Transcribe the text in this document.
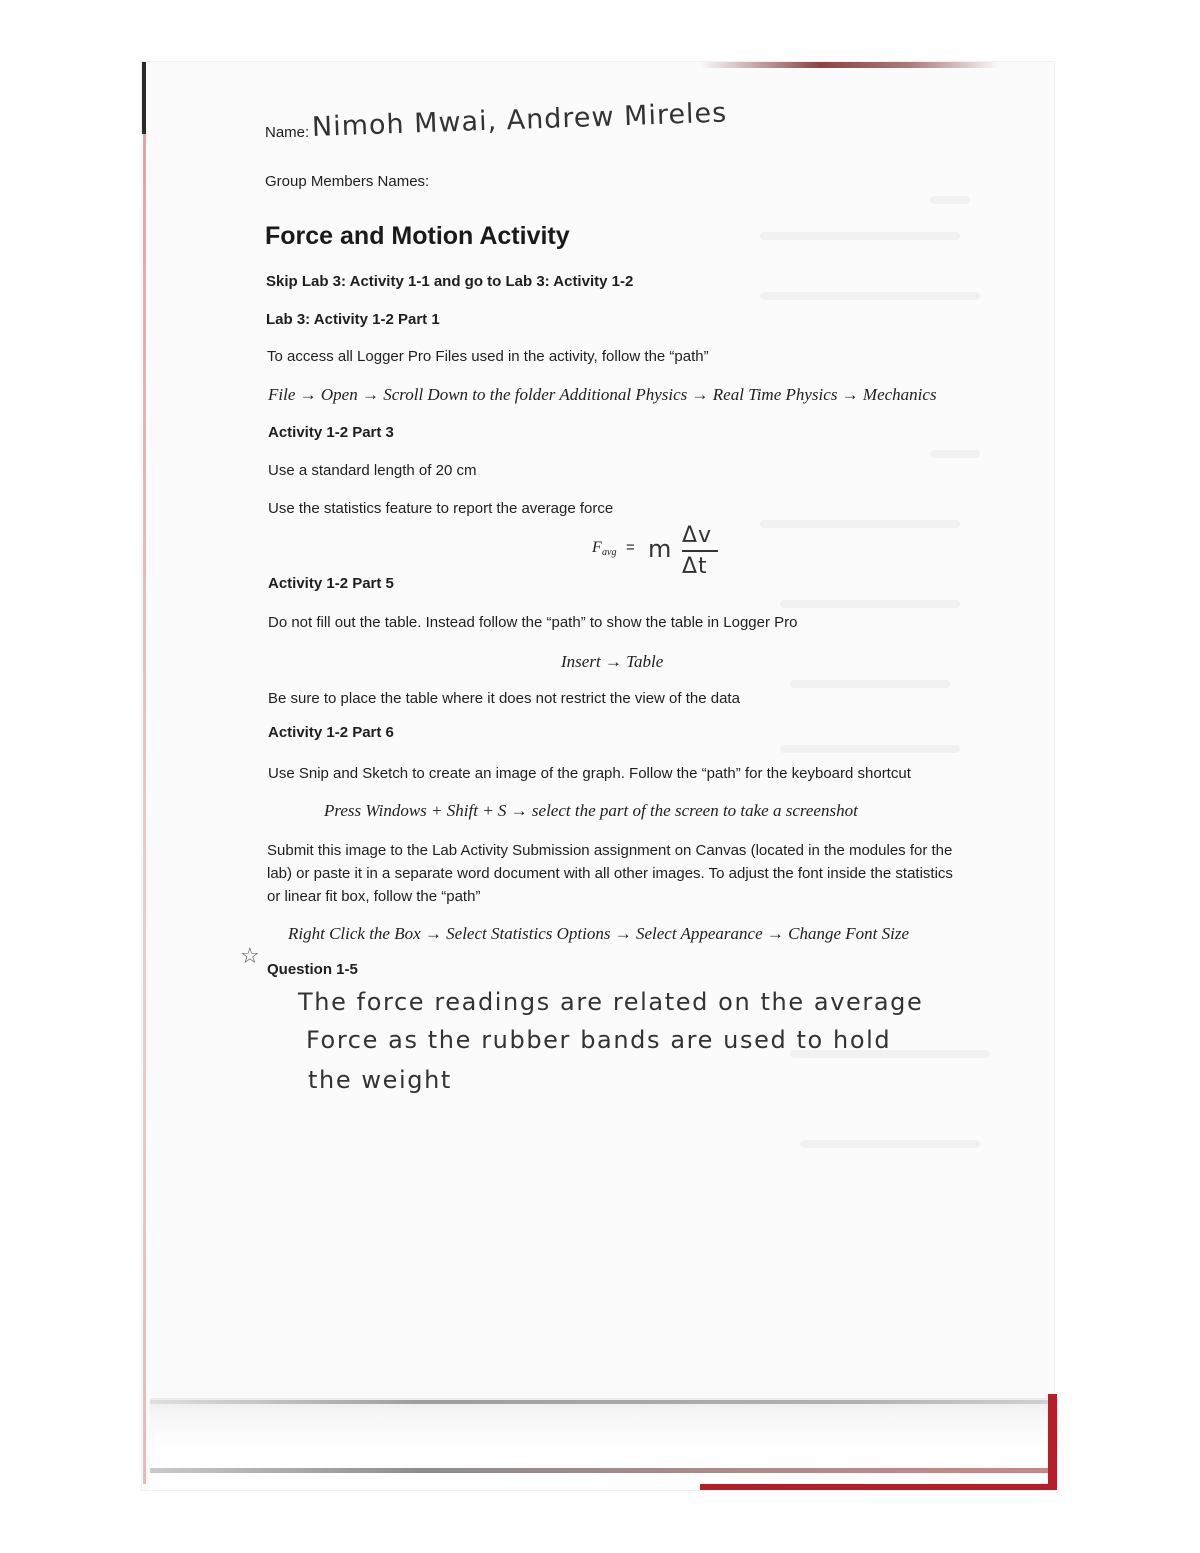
Name: Nimoh Mwai, Andrew Mireles
Group Members Names:
Force and Motion Activity
Skip Lab 3: Activity 1-1 and go to Lab 3: Activity 1-2
Lab 3: Activity 1-2 Part 1
To access all Logger Pro Files used in the activity, follow the “path”
File → Open → Scroll Down to the folder Additional Physics → Real Time Physics → Mechanics
Activity 1-2 Part 3
Use a standard length of 20 cm
Use the statistics feature to report the average force
F avg = m Δv
Δt
Activity 1-2 Part 5
Do not fill out the table. Instead follow the “path” to show the table in Logger Pro
Insert → Table
Be sure to place the table where it does not restrict the view of the data
Activity 1-2 Part 6
Use Snip and Sketch to create an image of the graph. Follow the “path” for the keyboard shortcut
Press Windows + Shift + S → select the part of the screen to take a screenshot
Submit this image to the Lab Activity Submission assignment on Canvas (located in the modules for the lab) or paste it in a separate word document with all other images. To adjust the font inside the statistics or linear fit box, follow the “path”
Right Click the Box → Select Statistics Options → Select Appearance → Change Font Size
☆
Question 1-5
The force readings are related on the average
Force as the rubber bands are used to hold
the weight
